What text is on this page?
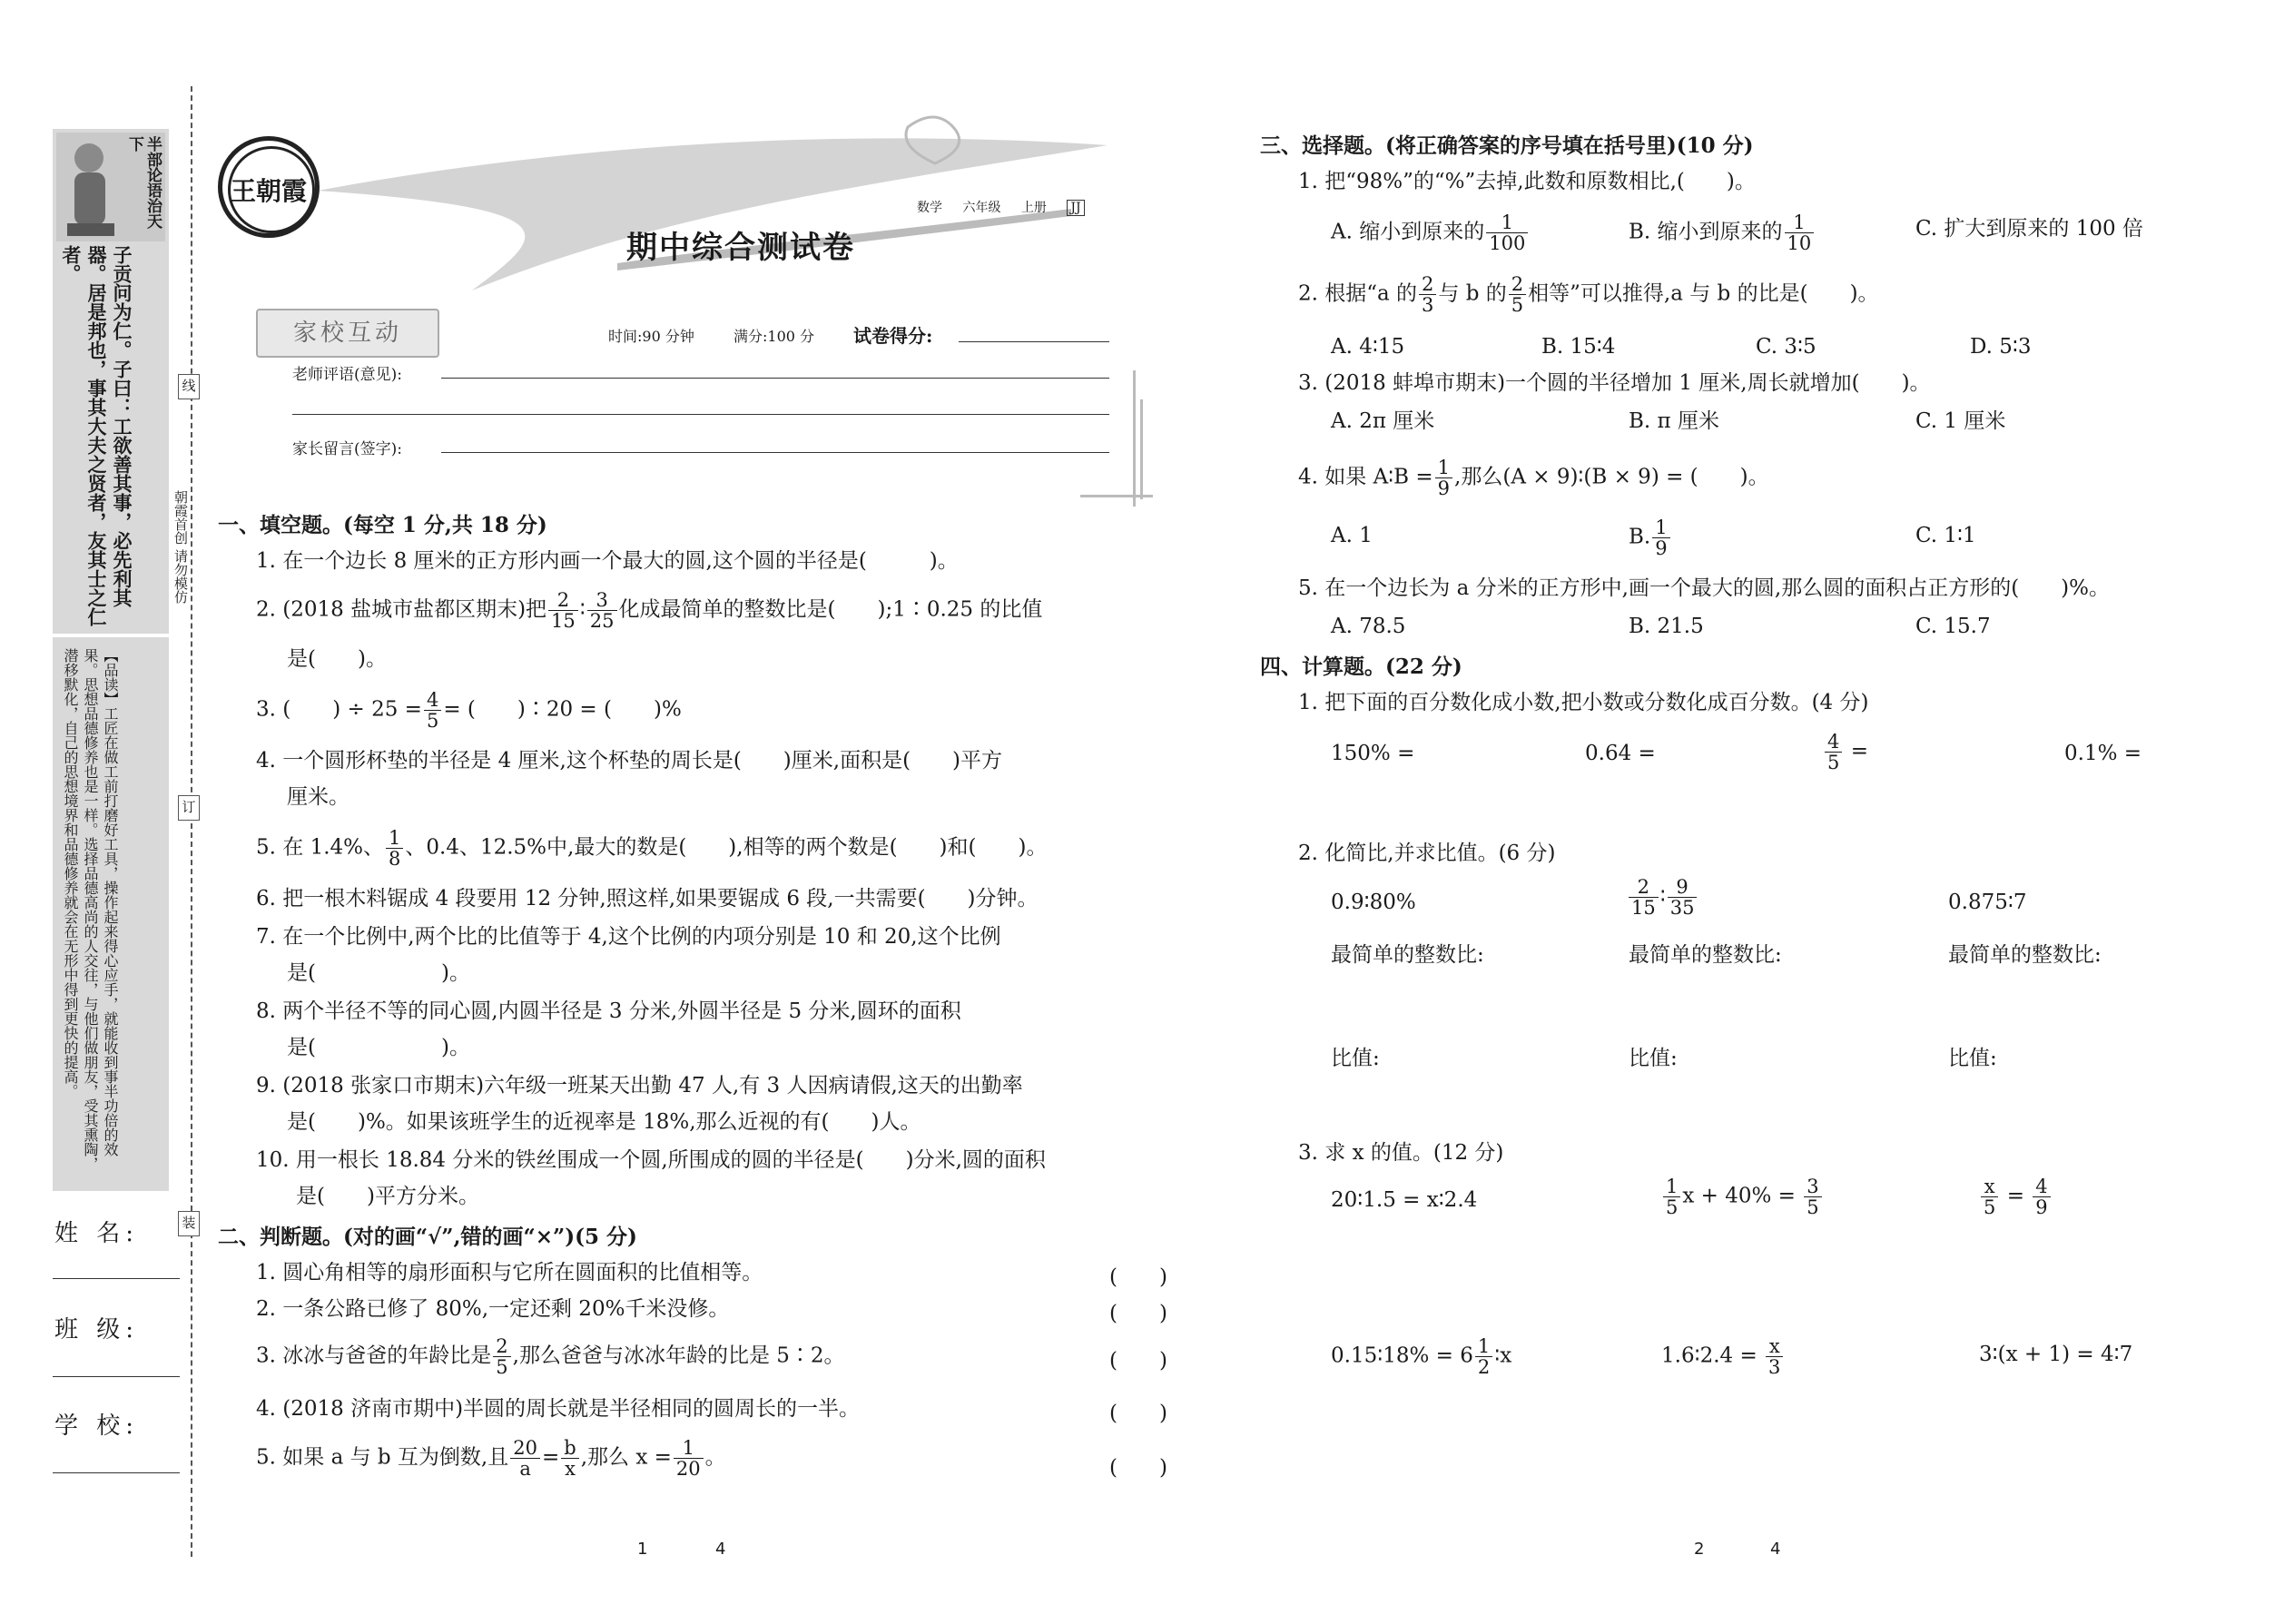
线
订
装
半部论语治天下
子贡问为仁。子曰：工欲善其事，必先利其器。居是邦也，事其大夫之贤者，友其士之仁者。
【品读】工匠在做工前打磨好工具，操作起来得心应手，就能收到事半功倍的效果。思想品德修养也是一样。选择品德高尚的人交往，与他们做朋友，受其熏陶，潜移默化，自己的思想境界和品德修养就会在无形中得到更快的提高。
朝霞首创 请勿模仿
姓 名:
班 级:
学 校:
王朝霞
数学 六年级 上册 JJ
期中综合测试卷
家校互动	时间:90 分钟	满分:100 分 试卷得分:
老师评语(意见):
家长留言(签字):
一、填空题。(每空 1 分,共 18 分)
1. 在一个边长 8 厘米的正方形内画一个最大的圆,这个圆的半径是(　　　)。
2. (2018 盐城市盐都区期末)把 $\frac{2}{15}$ ∶ $\frac{3}{25}$ 化成最简单的整数比是(　　);1∶0.25 的比值
是(　　)。
3. (　　) ÷ $25 = \frac{4}{5}$ = (　　)∶20 = (　　)%
4. 一个圆形杯垫的半径是 4 厘米,这个杯垫的周长是(　　)厘米,面积是(　　)平方
厘米。
5. 在 1.4%、 $\frac{1}{8}$ 、0.4、12.5%中,最大的数是(　　),相等的两个数是(　　)和(　　)。
6. 把一根木料锯成 4 段要用 12 分钟,照这样,如果要锯成 6 段,一共需要(　　)分钟。
7. 在一个比例中,两个比的比值等于 4,这个比例的内项分别是 10 和 20,这个比例
是(　　　　　　)。
8. 两个半径不等的同心圆,内圆半径是 3 分米,外圆半径是 5 分米,圆环的面积
是(　　　　　　)。
9. (2018 张家口市期末)六年级一班某天出勤 47 人,有 3 人因病请假,这天的出勤率
是(　　)%。如果该班学生的近视率是 18%,那么近视的有(　　)人。
10. 用一根长 18.84 分米的铁丝围成一个圆,所围成的圆的半径是(　　)分米,圆的面积
是(　　)平方分米。
二、判断题。(对的画“√”,错的画“×”)(5 分)
1. 圆心角相等的扇形面积与它所在圆面积的比值相等。	(　　)
2. 一条公路已修了 80%,一定还剩 20%千米没修。	(　　)
3. 冰冰与爸爸的年龄比是 $\frac{2}{5}$ ,那么爸爸与冰冰年龄的比是 5∶2。	(　　)
4. (2018 济南市期中)半圆的周长就是半径相同的圆周长的一半。	(　　)
5. 如果 a 与 b 互为倒数,且 $\frac{20}{a} = \frac{b}{x}$ ,那么 $x = \frac{1}{20}$ 。	(　　)
1	4
三、选择题。(将正确答案的序号填在括号里)(10 分)
1. 把“98%”的“%”去掉,此数和原数相比,(　　)。
A. 缩小到原来的 $\frac{1}{100}$	B. 缩小到原来的 $\frac{1}{10}$	C. 扩大到原来的 100 倍
2. 根据“a 的 $\frac{2}{3}$ 与 b 的 $\frac{2}{5}$ 相等”可以推得,a 与 b 的比是(　　)。
A. 4∶15	B. 15∶4	C. 3∶5	D. 5∶3
3. (2018 蚌埠市期末)一个圆的半径增加 1 厘米,周长就增加(　　)。
A. 2π 厘米	B. π 厘米	C. 1 厘米
4. 如果 A∶B = $\frac{1}{9}$ ,那么(A × 9)∶(B × 9) = (　　)。
A. 1	B. $\frac{1}{9}$	C. 1∶1
5. 在一个边长为 a 分米的正方形中,画一个最大的圆,那么圆的面积占正方形的(　　)%。
A. 78.5	B. 21.5	C. 15.7
四、计算题。(22 分)
1. 把下面的百分数化成小数,把小数或分数化成百分数。(4 分)
150% =	0.64 =	$\frac{4}{5}$ =	0.1% =
2. 化简比,并求比值。(6 分)
0.9∶80%	$\frac{2}{15}$ ∶ $\frac{9}{35}$	0.875∶7
最简单的整数比:	最简单的整数比:	最简单的整数比:
比值:	比值:	比值:
3. 求 x 的值。(12 分)
20∶1.5 = x∶2.4	$\frac{1}{5}$ $x + 40\% = \frac{3}{5}$	$\frac{x}{5} = \frac{4}{9}$
0.15∶18% = $6 \frac{1}{2}$ ∶x	1.6∶2.4 = $\frac{x}{3}$	3∶(x + 1) = 4∶7
2	4
